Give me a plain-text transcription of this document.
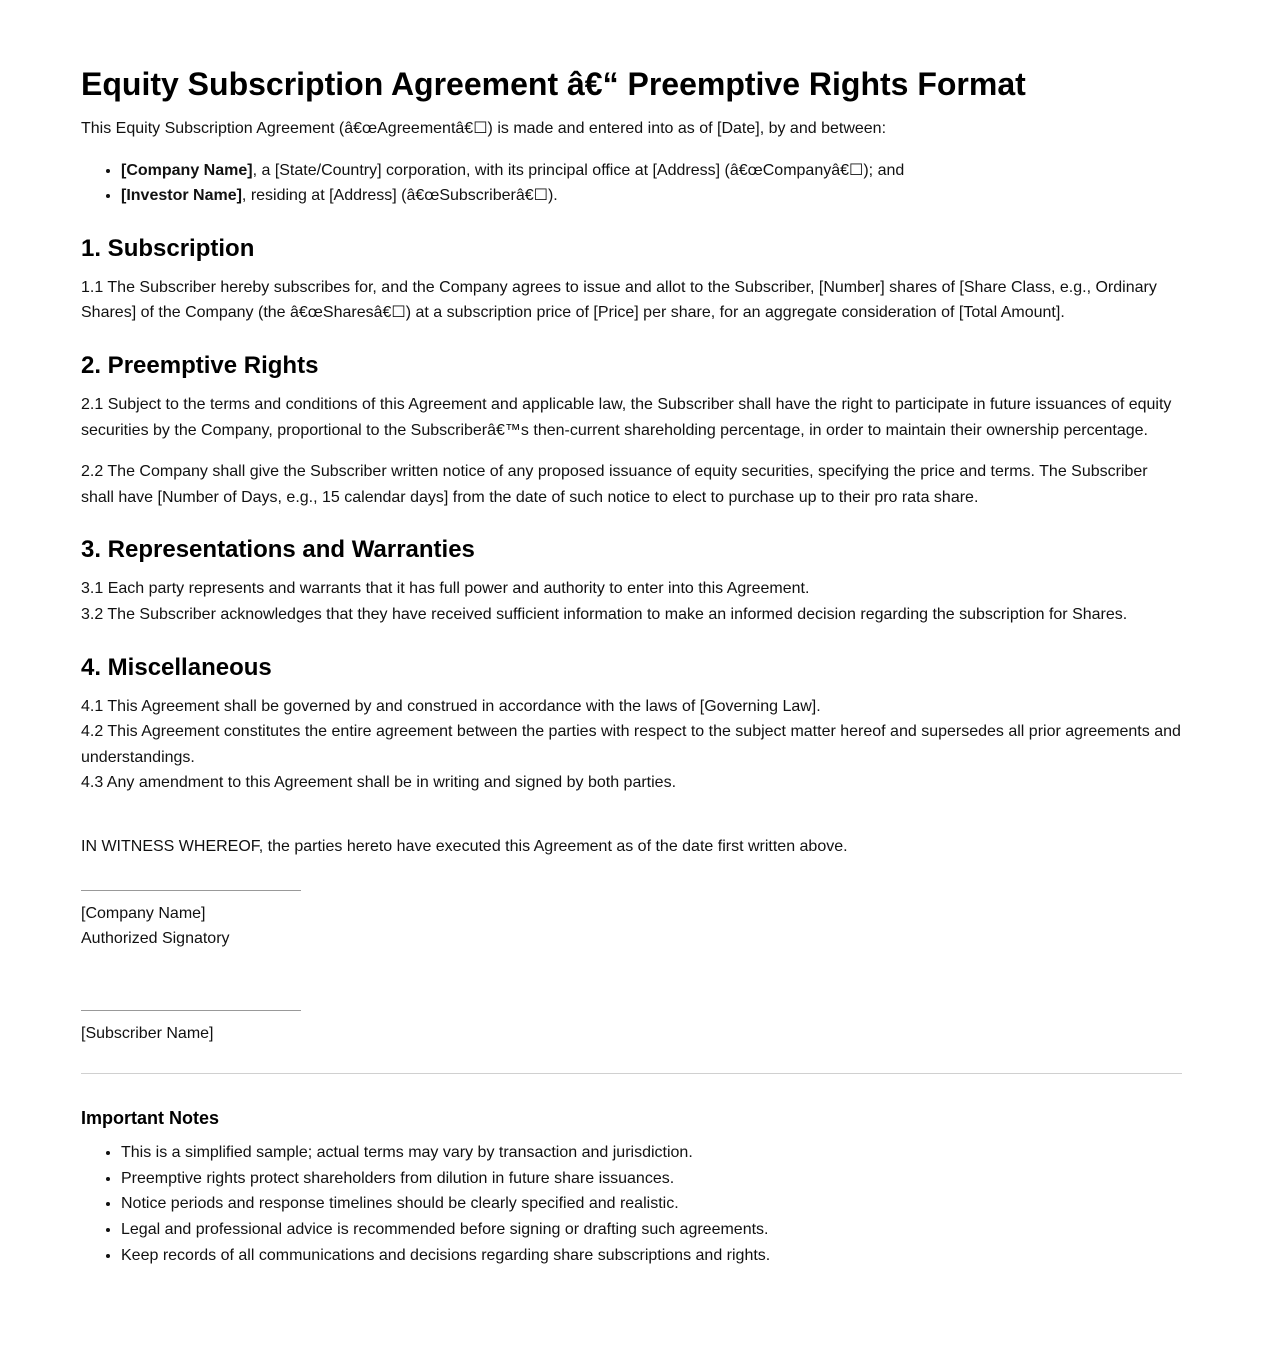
Equity Subscription Agreement â€“ Preemptive Rights Format

This Equity Subscription Agreement (â€œAgreementâ€☐) is made and entered into as of [Date], by and between:

• [Company Name], a [State/Country] corporation, with its principal office at [Address] (â€œCompanyâ€☐); and
• [Investor Name], residing at [Address] (â€œSubscriberâ€☐).
1. Subscription

1.1 The Subscriber hereby subscribes for, and the Company agrees to issue and allot to the Subscriber, [Number] shares of [Share Class, e.g., Ordinary Shares] of the Company (the â€œSharesâ€☐) at a subscription price of [Price] per share, for an aggregate consideration of [Total Amount].

2. Preemptive Rights

2.1 Subject to the terms and conditions of this Agreement and applicable law, the Subscriber shall have the right to participate in future issuances of equity securities by the Company, proportional to the Subscriberâ€™s then-current shareholding percentage, in order to maintain their ownership percentage.

2.2 The Company shall give the Subscriber written notice of any proposed issuance of equity securities, specifying the price and terms. The Subscriber shall have [Number of Days, e.g., 15 calendar days] from the date of such notice to elect to purchase up to their pro rata share.

3. Representations and Warranties

3.1 Each party represents and warrants that it has full power and authority to enter into this Agreement.

3.2 The Subscriber acknowledges that they have received sufficient information to make an informed decision regarding the subscription for Shares.

4. Miscellaneous

4.1 This Agreement shall be governed by and construed in accordance with the laws of [Governing Law].

4.2 This Agreement constitutes the entire agreement between the parties with respect to the subject matter hereof and supersedes all prior agreements and understandings.

4.3 Any amendment to this Agreement shall be in writing and signed by both parties.

IN WITNESS WHEREOF, the parties hereto have executed this Agreement as of the date first written above.

[Company Name]
Authorized Signatory
[Subscriber Name]
Important Notes
• This is a simplified sample; actual terms may vary by transaction and jurisdiction.
• Preemptive rights protect shareholders from dilution in future share issuances.
• Notice periods and response timelines should be clearly specified and realistic.
• Legal and professional advice is recommended before signing or drafting such agreements.
• Keep records of all communications and decisions regarding share subscriptions and rights.
